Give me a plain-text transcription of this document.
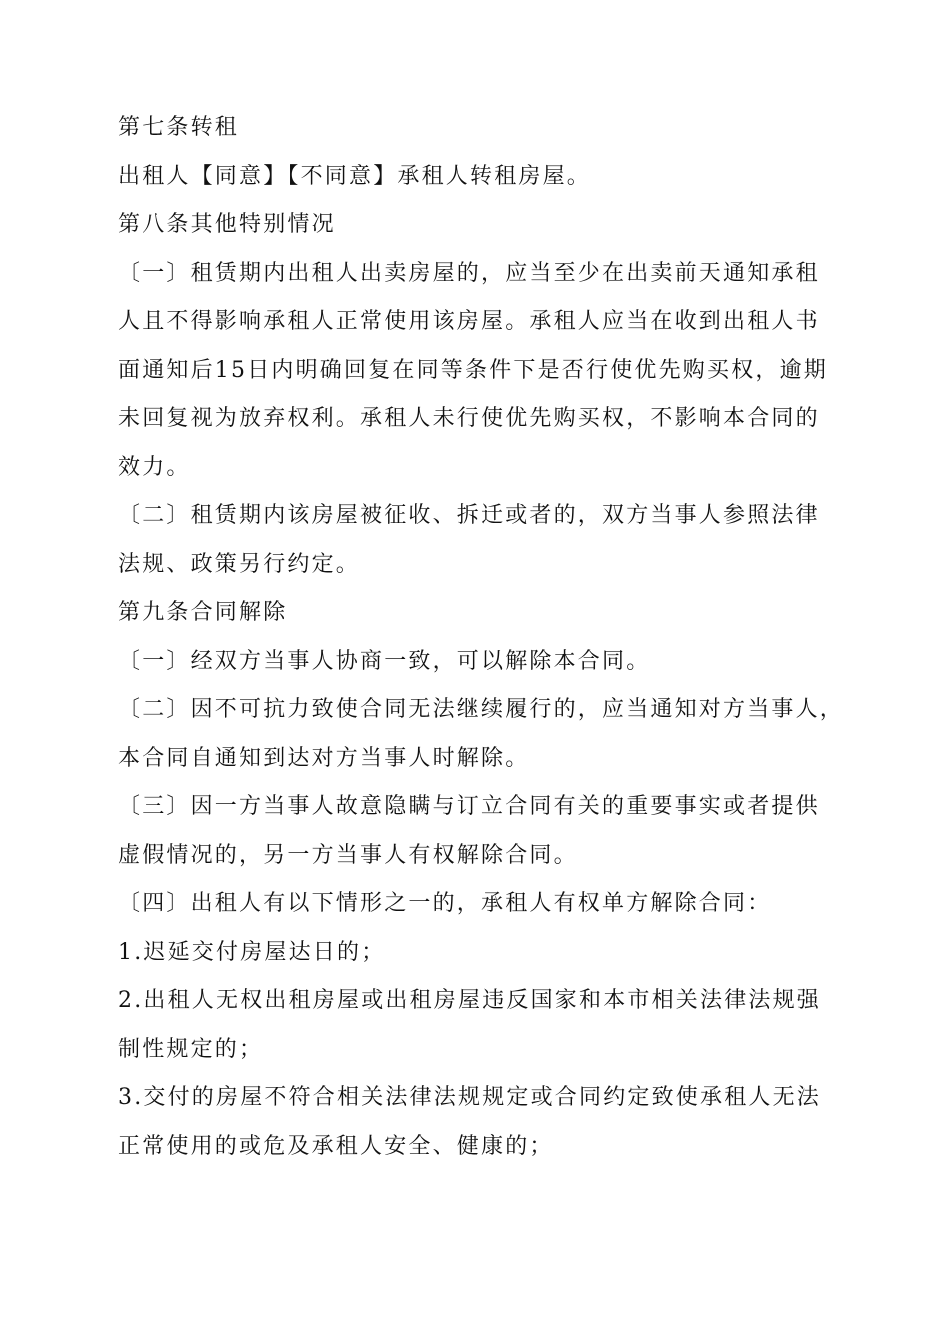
第七条转租
出租人【同意】【不同意】承租人转租房屋。
第八条其他特别情况
〔一〕租赁期内出租人出卖房屋的，应当至少在出卖前天通知承租
人且不得影响承租人正常使用该房屋。承租人应当在收到出租人书
面通知后15日内明确回复在同等条件下是否行使优先购买权，逾期
未回复视为放弃权利。承租人未行使优先购买权，不影响本合同的
效力。
〔二〕租赁期内该房屋被征收、拆迁或者的，双方当事人参照法律
法规、政策另行约定。
第九条合同解除
〔一〕经双方当事人协商一致，可以解除本合同。
〔二〕因不可抗力致使合同无法继续履行的，应当通知对方当事人，
本合同自通知到达对方当事人时解除。
〔三〕因一方当事人故意隐瞒与订立合同有关的重要事实或者提供
虚假情况的，另一方当事人有权解除合同。
〔四〕出租人有以下情形之一的，承租人有权单方解除合同：
1.迟延交付房屋达日的；
2.出租人无权出租房屋或出租房屋违反国家和本市相关法律法规强
制性规定的；
3.交付的房屋不符合相关法律法规规定或合同约定致使承租人无法
正常使用的或危及承租人安全、健康的；
